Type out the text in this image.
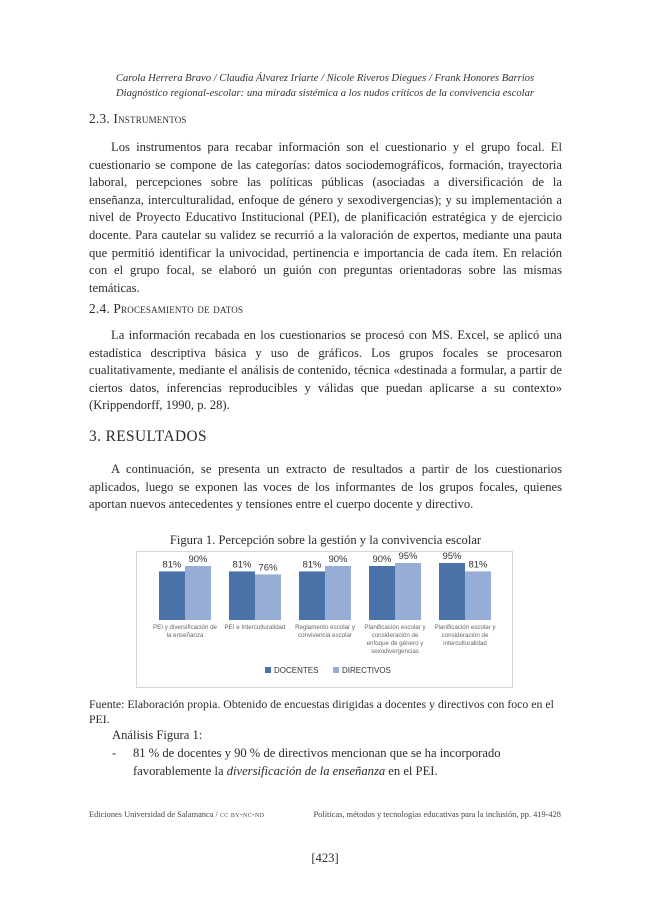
Carola Herrera Bravo / Claudia Álvarez Iriarte / Nicole Riveros Diegues / Frank Honores Barrios
Diagnóstico regional-escolar: una mirada sistémica a los nudos críticos de la convivencia escolar
2.3. Instrumentos

Los instrumentos para recabar información son el cuestionario y el grupo focal. El cuestionario se compone de las categorías: datos sociodemográficos, formación, trayectoria laboral, percepciones sobre las políticas públicas (asociadas a diversificación de la enseñanza, interculturalidad, enfoque de género y sexodivergencias); y su implementación a nivel de Proyecto Educativo Institucional (PEI), de planificación estratégica y de ejercicio docente. Para cautelar su validez se recurrió a la valoración de expertos, mediante una pauta que permitió identificar la univocidad, pertinencia e importancia de cada ítem. En relación con el grupo focal, se elaboró un guión con preguntas orientadoras sobre las mismas temáticas.

2.4. Procesamiento de datos

La información recabada en los cuestionarios se procesó con MS. Excel, se aplicó una estadística descriptiva básica y uso de gráficos. Los grupos focales se procesaron cualitativamente, mediante el análisis de contenido, técnica «destinada a formular, a partir de ciertos datos, inferencias reproducibles y válidas que puedan aplicarse a su contexto» (Krippendorff, 1990, p. 28).

3. RESULTADOS

A continuación, se presenta un extracto de resultados a partir de los cuestionarios aplicados, luego se exponen las voces de los informantes de los grupos focales, quienes aportan nuevos antecedentes y tensiones entre el cuerpo docente y directivo.

Figura 1. Percepción sobre la gestión y la convivencia escolar
81% 90%
PEI y diversificación de
la enseñanza
81% 76%
PEI e Interculturalidad
81% 90%
Reglamento escolar y
convivencia escolar
90% 95%
Planificación escolar y
consideración de
enfoque de género y
sexodivergencias
95%
81%
Planificación escolar y
consideración de
interculturalidad
DOCENTES	DIRECTIVOS
Fuente: Elaboración propia. Obtenido de encuestas dirigidas a docentes y directivos con foco en el PEI.
Análisis Figura 1:
- 81 % de docentes y 90 % de directivos mencionan que se ha incorporado favorablemente la diversificación de la enseñanza en el PEI.
Ediciones Universidad de Salamanca / cc by-nc-nd	Políticas, métodos y tecnologías educativas para la inclusión, pp. 419-428
[423]
